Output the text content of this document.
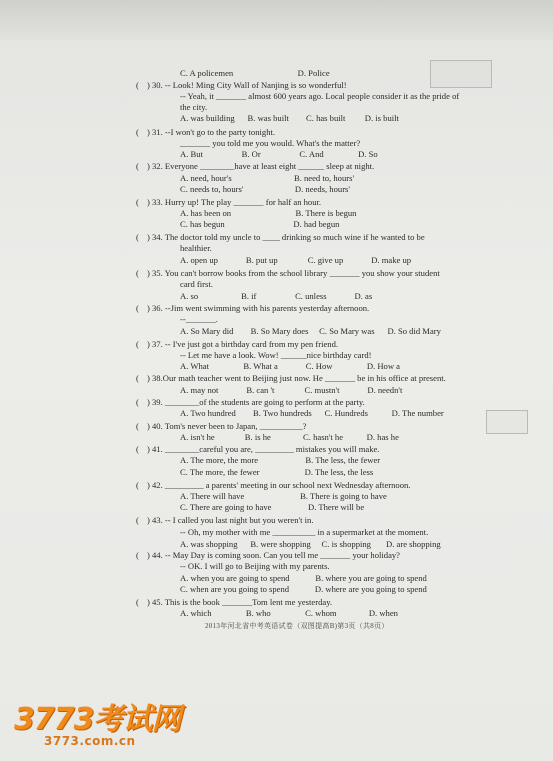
C. A policemen                              D. Police
( ) 30. -- Look! Ming City Wall of Nanjing is so wonderful!
-- Yeah, it _______ almost 600 years ago. Local people consider it as the pride of
the city.
A. was building      B. was built        C. has built         D. is built
( ) 31. --I won't go to the party tonight.
_______ you told me you would. What's the matter?
A. But                  B. Or                  C. And                D. So
( ) 32. Everyone ________have at least eight ______ sleep at night.
A. need, hour's                             B. need to, hours'
C. needs to, hours'                        D. needs, hours'
( ) 33. Hurry up! The play _______ for half an hour.
A. has been on                              B. There is begun
C. has begun                                D. had begun
( ) 34. The doctor told my uncle to ____ drinking so much wine if he wanted to be
healthier.
A. open up             B. put up              C. give up             D. make up
( ) 35. You can't borrow books from the school library _______ you show your student
card first.
A. so                    B. if                  C. unless             D. as
( ) 36. --Jim went swimming with his parents yesterday afternoon.
--_______.
A. So Mary did        B. So Mary does     C. So Mary was      D. So did Mary
( ) 37. -- I've just got a birthday card from my pen friend.
-- Let me have a look. Wow! ______nice birthday card!
A. What                B. What a             C. How                D. How a
( ) 38.Our math teacher went to Beijing just now. He _______ be in his office at present.
A. may not             B. can 't              C. mustn't             D. needn't
( ) 39. ________of the students are going to perform at the party.
A. Two hundred        B. Two hundreds      C. Hundreds           D. The number
( ) 40. Tom's never been to Japan, __________?
A. isn't he              B. is he               C. hasn't he           D. has he
( ) 41. ________careful you are, _________ mistakes you will make.
A. The more, the more                      B. The less, the fewer
C. The more, the fewer                     D. The less, the less
( ) 42. _________ a parents' meeting in our school next Wednesday afternoon.
A. There will have                          B. There is going to have
C. There are going to have                 D. There will be
( ) 43. -- I called you last night but you weren't in.
-- Oh, my mother with me __________ in a supermarket at the moment.
A. was shopping      B. were shopping     C. is shopping       D. are shopping
( ) 44. -- May Day is coming soon. Can you tell me _______ your holiday?
-- OK. I will go to Beijing with my parents.
A. when you are going to spend            B. where you are going to spend
C. when are you going to spend            D. where are you going to spend
( ) 45. This is the book _______Tom lent me yesterday.
A. which                B. who                C. whom               D. when
2013年河北省中考英语试卷（双图提高B)第3页（共8页）
3773考试网
3773.com.cn
